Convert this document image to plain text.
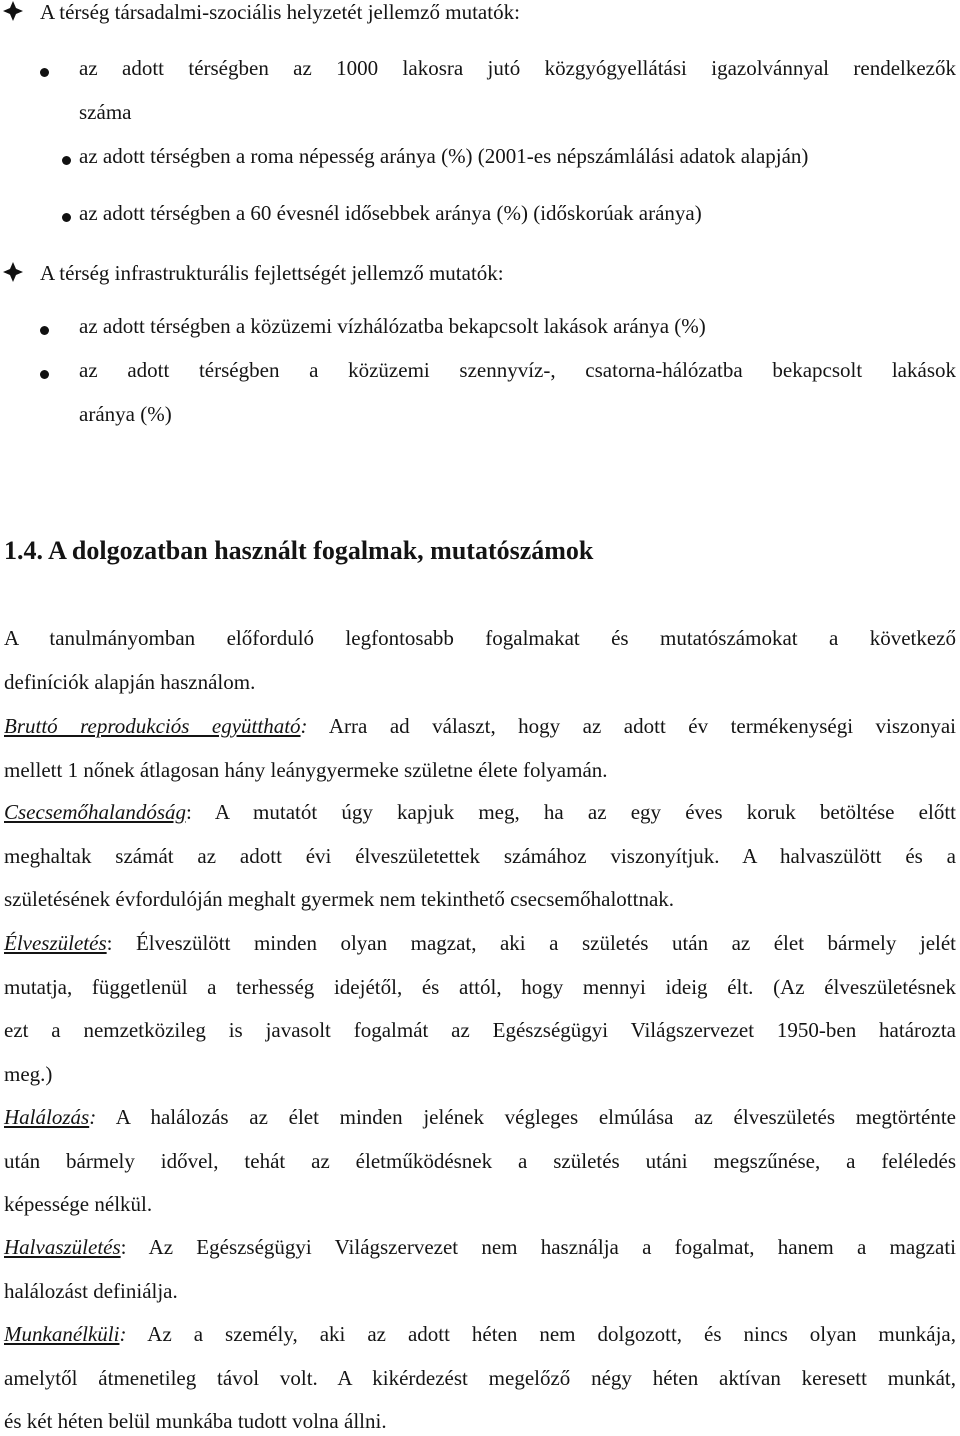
A térség társadalmi-szociális helyzetét jellemző mutatók:
az adott térségben az 1000 lakosra jutó közgyógyellátási igazolvánnyal rendelkezők
száma
az adott térségben a roma népesség aránya (%) (2001-es népszámlálási adatok alapján)
az adott térségben a 60 évesnél idősebbek aránya (%) (időskorúak aránya)
A térség infrastrukturális fejlettségét jellemző mutatók:
az adott térségben a közüzemi vízhálózatba bekapcsolt lakások aránya (%)
az adott térségben a közüzemi szennyvíz-, csatorna-hálózatba bekapcsolt lakások
aránya (%)
1.4. A dolgozatban használt fogalmak, mutatószámok
A tanulmányomban előforduló legfontosabb fogalmakat és mutatószámokat a következő
definíciók alapján használom.
Bruttó reprodukciós együttható: Arra ad választ, hogy az adott év termékenységi viszonyai
mellett 1 nőnek átlagosan hány leánygyermeke születne élete folyamán.
Csecsemőhalandóság: A mutatót úgy kapjuk meg, ha az egy éves koruk betöltése előtt
meghaltak számát az adott évi élveszületettek számához viszonyítjuk. A halvaszülött és a
születésének évfordulóján meghalt gyermek nem tekinthető csecsemőhalottnak.
Élveszületés: Élveszülött minden olyan magzat, aki a születés után az élet bármely jelét
mutatja, függetlenül a terhesség idejétől, és attól, hogy mennyi ideig élt. (Az élveszületésnek
ezt a nemzetközileg is javasolt fogalmát az Egészségügyi Világszervezet 1950-ben határozta
meg.)
Halálozás: A halálozás az élet minden jelének végleges elmúlása az élveszületés megtörténte
után bármely idővel, tehát az életműködésnek a születés utáni megszűnése, a feléledés
képessége nélkül.
Halvaszületés: Az Egészségügyi Világszervezet nem használja a fogalmat, hanem a magzati
halálozást definiálja.
Munkanélküli: Az a személy, aki az adott héten nem dolgozott, és nincs olyan munkája,
amelytől átmenetileg távol volt. A kikérdezést megelőző négy héten aktívan keresett munkát,
és két héten belül munkába tudott volna állni.
